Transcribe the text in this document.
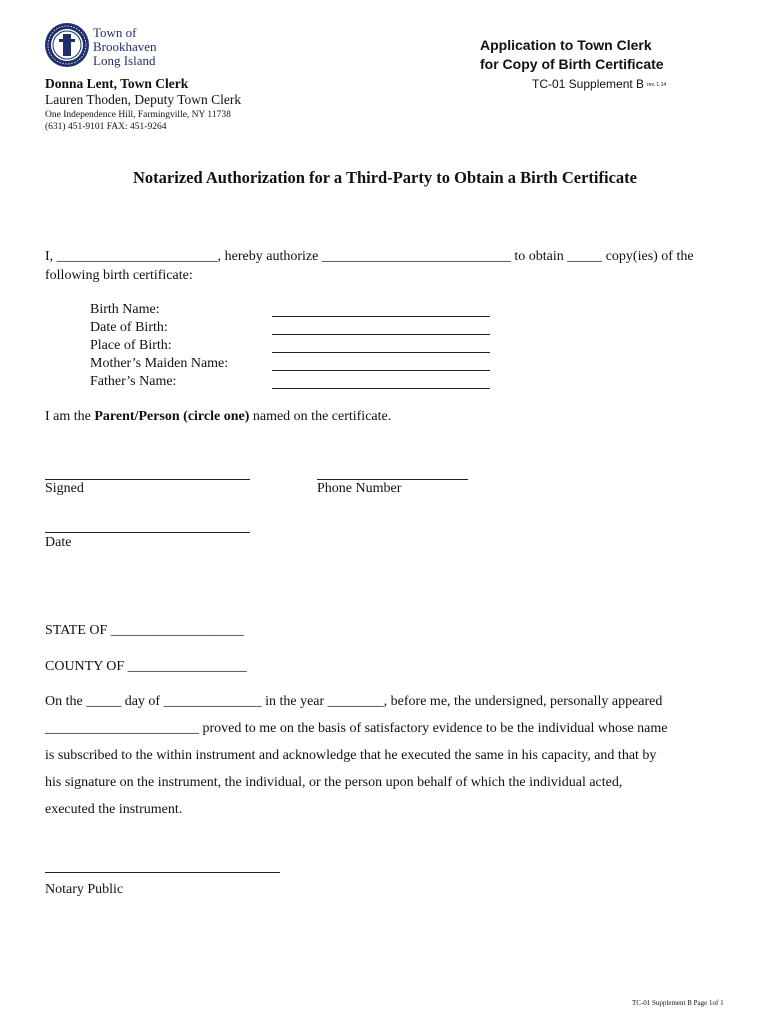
Town of
Brookhaven
Long Island
Donna Lent, Town Clerk
Lauren Thoden, Deputy Town Clerk
One Independence Hill, Farmingville, NY 11738
(631) 451-9101 FAX: 451-9264
Application to Town Clerk
for Copy of Birth Certificate
TC-01 Supplement B rev. 1.14
Notarized Authorization for a Third-Party to Obtain a Birth Certificate
I, _______________________, hereby authorize ___________________________ to obtain _____ copy(ies) of the following birth certificate:
Birth Name:
Date of Birth:
Place of Birth:
Mother’s Maiden Name:
Father’s Name:
I am the Parent/Person (circle one) named on the certificate.
Signed	Phone Number
Date
STATE OF ___________________
COUNTY OF _________________
On the _____ day of ______________ in the year ________, before me, the undersigned, personally appeared
______________________ proved to me on the basis of satisfactory evidence to be the individual whose name
is subscribed to the within instrument and acknowledge that he executed the same in his capacity, and that by
his signature on the instrument, the individual, or the person upon behalf of which the individual acted,
executed the instrument.
Notary Public
TC-01 Supplement B Page 1of 1
